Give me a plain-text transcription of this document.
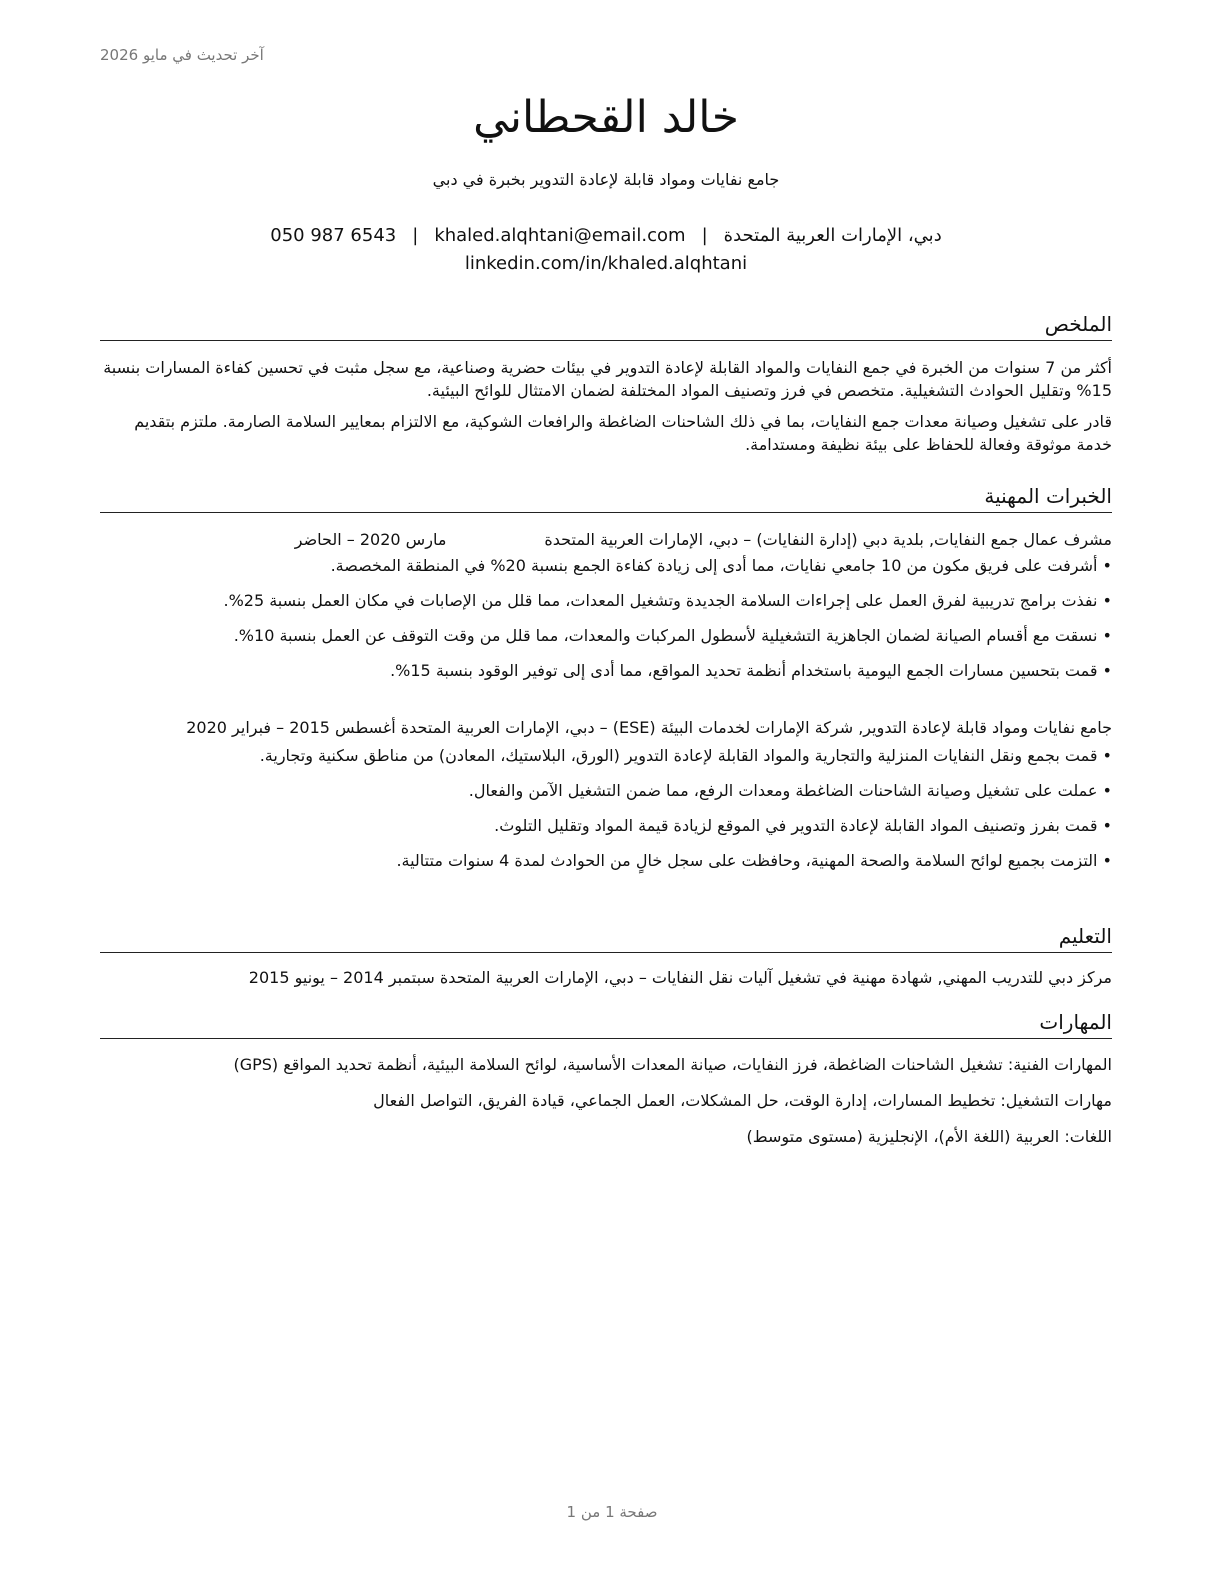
آخر تحديث في مايو 2026
خالد القحطاني
جامع نفايات ومواد قابلة لإعادة التدوير بخبرة في دبي
دبي، الإمارات العربية المتحدة|khaled.alqhtani@email.com|050 987 6543
linkedin.com/in/khaled.alqhtani
الملخص

أكثر من 7 سنوات من الخبرة في جمع النفايات والمواد القابلة لإعادة التدوير في بيئات حضرية وصناعية، مع سجل مثبت في تحسين كفاءة المسارات بنسبة 15% وتقليل الحوادث التشغيلية. متخصص في فرز وتصنيف المواد المختلفة لضمان الامتثال للوائح البيئية.

قادر على تشغيل وصيانة معدات جمع النفايات، بما في ذلك الشاحنات الضاغطة والرافعات الشوكية، مع الالتزام بمعايير السلامة الصارمة. ملتزم بتقديم خدمة موثوقة وفعالة للحفاظ على بيئة نظيفة ومستدامة.

الخبرات المهنية
مشرف عمال جمع النفايات, بلدية دبي (إدارة النفايات) – دبي، الإمارات العربية المتحدة
مارس 2020 – الحاضر
• أشرفت على فريق مكون من 10 جامعي نفايات، مما أدى إلى زيادة كفاءة الجمع بنسبة 20% في المنطقة المخصصة.
• نفذت برامج تدريبية لفرق العمل على إجراءات السلامة الجديدة وتشغيل المعدات، مما قلل من الإصابات في مكان العمل بنسبة 25%.
• نسقت مع أقسام الصيانة لضمان الجاهزية التشغيلية لأسطول المركبات والمعدات، مما قلل من وقت التوقف عن العمل بنسبة 10%.
• قمت بتحسين مسارات الجمع اليومية باستخدام أنظمة تحديد المواقع، مما أدى إلى توفير الوقود بنسبة 15%.
جامع نفايات ومواد قابلة لإعادة التدوير, شركة الإمارات لخدمات البيئة (ESE) – دبي، الإمارات العربية المتحدة أغسطس 2015 – فبراير 2020
• قمت بجمع ونقل النفايات المنزلية والتجارية والمواد القابلة لإعادة التدوير (الورق، البلاستيك، المعادن) من مناطق سكنية وتجارية.
• عملت على تشغيل وصيانة الشاحنات الضاغطة ومعدات الرفع، مما ضمن التشغيل الآمن والفعال.
• قمت بفرز وتصنيف المواد القابلة لإعادة التدوير في الموقع لزيادة قيمة المواد وتقليل التلوث.
• التزمت بجميع لوائح السلامة والصحة المهنية، وحافظت على سجل خالٍ من الحوادث لمدة 4 سنوات متتالية.
التعليم
مركز دبي للتدريب المهني, شهادة مهنية في تشغيل آليات نقل النفايات – دبي، الإمارات العربية المتحدة سبتمبر 2014 – يونيو 2015
المهارات

المهارات الفنية: تشغيل الشاحنات الضاغطة، فرز النفايات، صيانة المعدات الأساسية، لوائح السلامة البيئية، أنظمة تحديد المواقع (GPS)

مهارات التشغيل: تخطيط المسارات، إدارة الوقت، حل المشكلات، العمل الجماعي، قيادة الفريق، التواصل الفعال

اللغات: العربية (اللغة الأم)، الإنجليزية (مستوى متوسط)

صفحة 1 من 1
